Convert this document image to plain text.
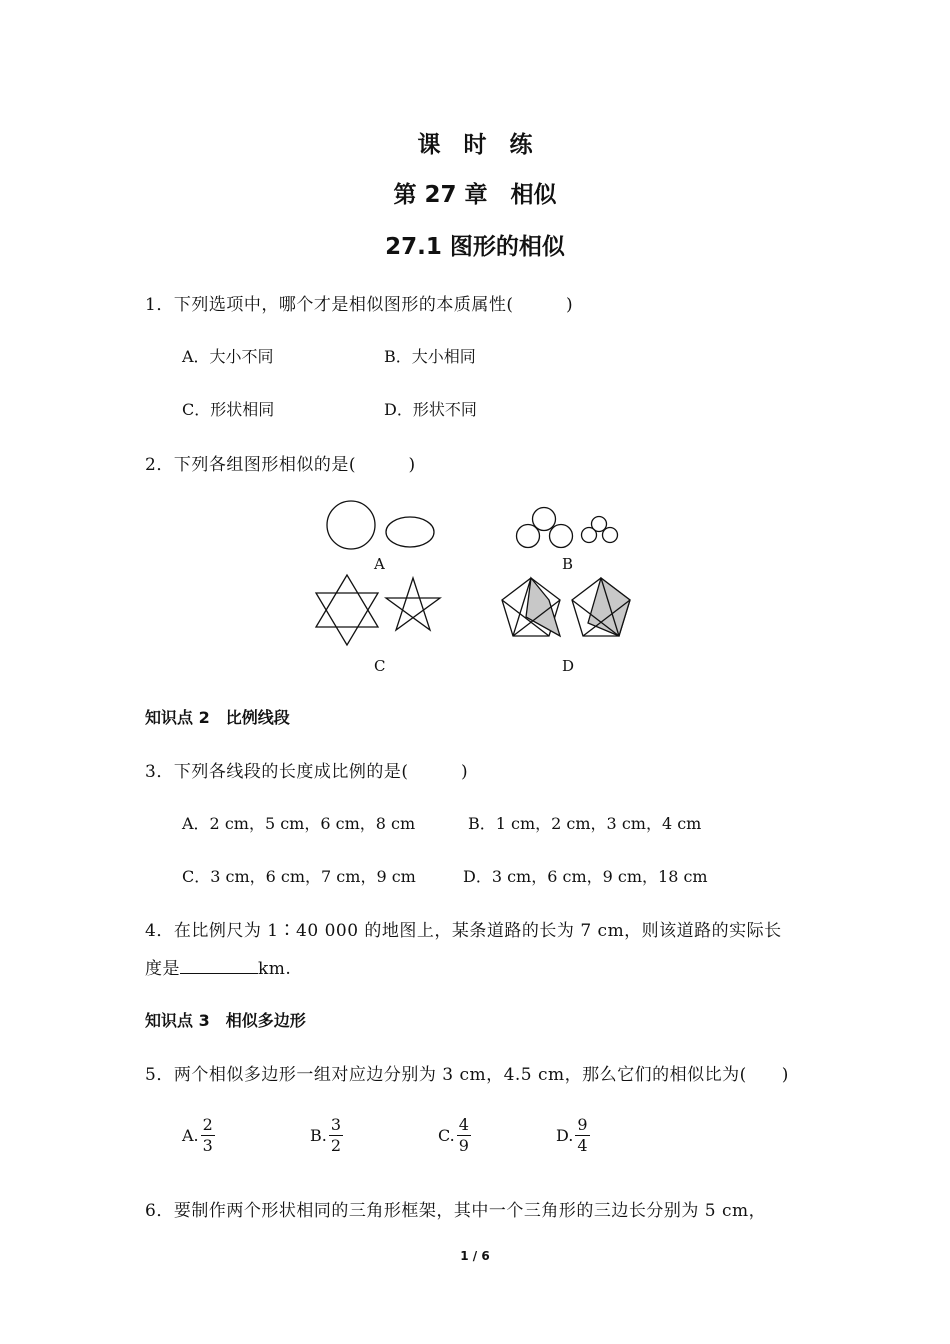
课　时　练
第 27 章　相似
27.1 图形的相似
1．下列选项中，哪个才是相似图形的本质属性(　　　)
A．大小不同	B．大小相同
C．形状相同	D．形状不同
2．下列各组图形相似的是(　　　)
A	B
C	D
知识点 2　比例线段
3．下列各线段的长度成比例的是(　　　)
A．2 cm，5 cm，6 cm，8 cm	B．1 cm，2 cm，3 cm，4 cm
C．3 cm，6 cm，7 cm，9 cm	D．3 cm，6 cm，9 cm，18 cm
4．在比例尺为 1∶40 000 的地图上，某条道路的长为 7 cm，则该道路的实际长
度是	km.
知识点 3　相似多边形
5．两个相似多边形一组对应边分别为 3 cm，4.5 cm，那么它们的相似比为(　　)
A. $\frac{2}{3}$	B. $\frac{3}{2}$	C. $\frac{4}{9}$	D. $\frac{9}{4}$
6．要制作两个形状相同的三角形框架，其中一个三角形的三边长分别为 5 cm，
1 / 6
